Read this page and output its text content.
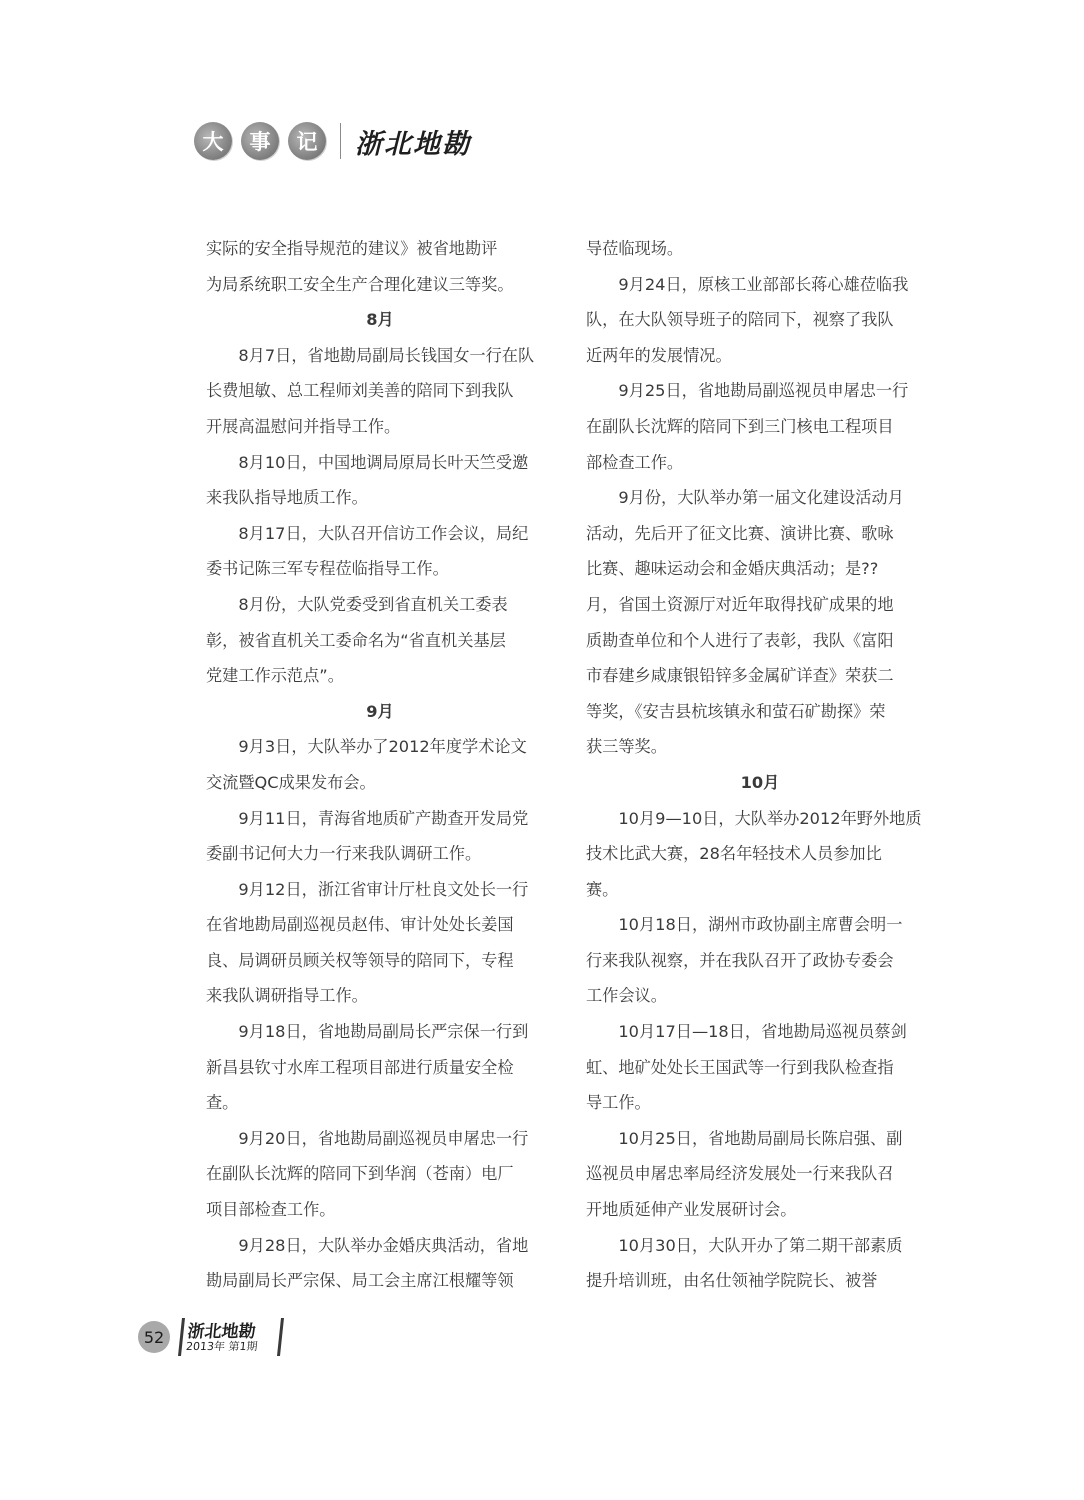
大	事	记	浙北地勘
实际的安全指导规范的建议》被省地勘评
为局系统职工安全生产合理化建议三等奖。
8月
　　8月7日，省地勘局副局长钱国女一行在队
长费旭敏、总工程师刘美善的陪同下到我队
开展高温慰问并指导工作。
　　8月10日，中国地调局原局长叶天竺受邀
来我队指导地质工作。
　　8月17日，大队召开信访工作会议，局纪
委书记陈三军专程莅临指导工作。
　　8月份，大队党委受到省直机关工委表
彰，被省直机关工委命名为“省直机关基层
党建工作示范点”。
9月
　　9月3日，大队举办了2012年度学术论文
交流暨QC成果发布会。
　　9月11日，青海省地质矿产勘查开发局党
委副书记何大力一行来我队调研工作。
　　9月12日，浙江省审计厅杜良文处长一行
在省地勘局副巡视员赵伟、审计处处长姜国
良、局调研员顾关权等领导的陪同下，专程
来我队调研指导工作。
　　9月18日，省地勘局副局长严宗保一行到
新昌县钦寸水库工程项目部进行质量安全检
查。
　　9月20日，省地勘局副巡视员申屠忠一行
在副队长沈辉的陪同下到华润（苍南）电厂
项目部检查工作。
　　9月28日，大队举办金婚庆典活动，省地
勘局副局长严宗保、局工会主席江根耀等领
导莅临现场。
　　9月24日，原核工业部部长蒋心雄莅临我
队，在大队领导班子的陪同下，视察了我队
近两年的发展情况。
　　9月25日，省地勘局副巡视员申屠忠一行
在副队长沈辉的陪同下到三门核电工程项目
部检查工作。
　　9月份，大队举办第一届文化建设活动月
活动，先后开了征文比赛、演讲比赛、歌咏
比赛、趣味运动会和金婚庆典活动；是??
月，省国土资源厅对近年取得找矿成果的地
质勘查单位和个人进行了表彰，我队《富阳
市春建乡咸康银铅锌多金属矿详查》荣获二
等奖，《安吉县杭垓镇永和萤石矿勘探》荣
获三等奖。
10月
　　10月9—10日，大队举办2012年野外地质
技术比武大赛，28名年轻技术人员参加比
赛。
　　10月18日，湖州市政协副主席曹会明一
行来我队视察，并在我队召开了政协专委会
工作会议。
　　10月17日—18日，省地勘局巡视员蔡剑
虹、地矿处处长王国武等一行到我队检查指
导工作。
　　10月25日，省地勘局副局长陈启强、副
巡视员申屠忠率局经济发展处一行来我队召
开地质延伸产业发展研讨会。
　　10月30日，大队开办了第二期干部素质
提升培训班，由名仕领袖学院院长、被誉
52	浙北地勘
2013年 第1期
